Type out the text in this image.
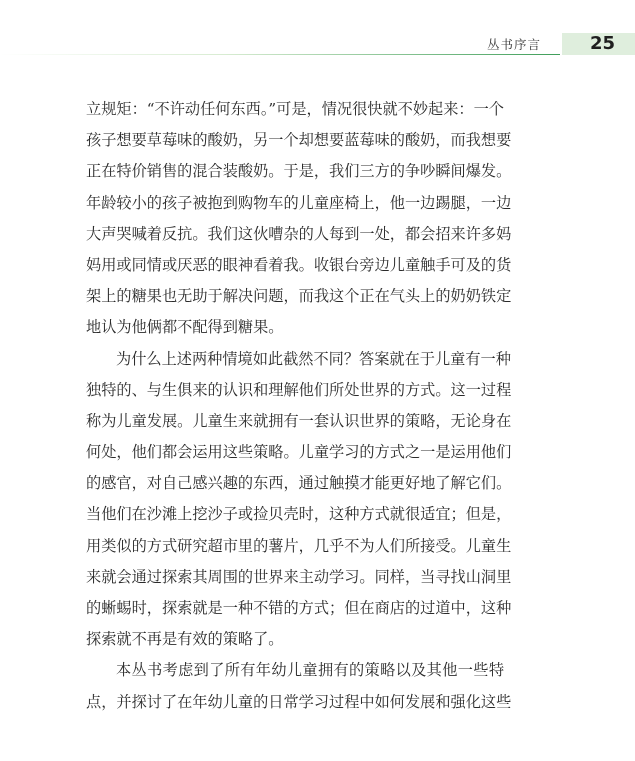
丛书序言	25
立规矩：“不许动任何东西。”可是，情况很快就不妙起来：一个
孩子想要草莓味的酸奶，另一个却想要蓝莓味的酸奶，而我想要
正在特价销售的混合装酸奶。于是，我们三方的争吵瞬间爆发。
年龄较小的孩子被抱到购物车的儿童座椅上，他一边踢腿，一边
大声哭喊着反抗。我们这伙嘈杂的人每到一处，都会招来许多妈
妈用或同情或厌恶的眼神看着我。收银台旁边儿童触手可及的货
架上的糖果也无助于解决问题，而我这个正在气头上的奶奶铁定
地认为他俩都不配得到糖果。
为什么上述两种情境如此截然不同？答案就在于儿童有一种
独特的、与生俱来的认识和理解他们所处世界的方式。这一过程
称为儿童发展。儿童生来就拥有一套认识世界的策略，无论身在
何处，他们都会运用这些策略。儿童学习的方式之一是运用他们
的感官，对自己感兴趣的东西，通过触摸才能更好地了解它们。
当他们在沙滩上挖沙子或捡贝壳时，这种方式就很适宜；但是，
用类似的方式研究超市里的薯片，几乎不为人们所接受。儿童生
来就会通过探索其周围的世界来主动学习。同样，当寻找山洞里
的蜥蜴时，探索就是一种不错的方式；但在商店的过道中，这种
探索就不再是有效的策略了。
本丛书考虑到了所有年幼儿童拥有的策略以及其他一些特
点，并探讨了在年幼儿童的日常学习过程中如何发展和强化这些
